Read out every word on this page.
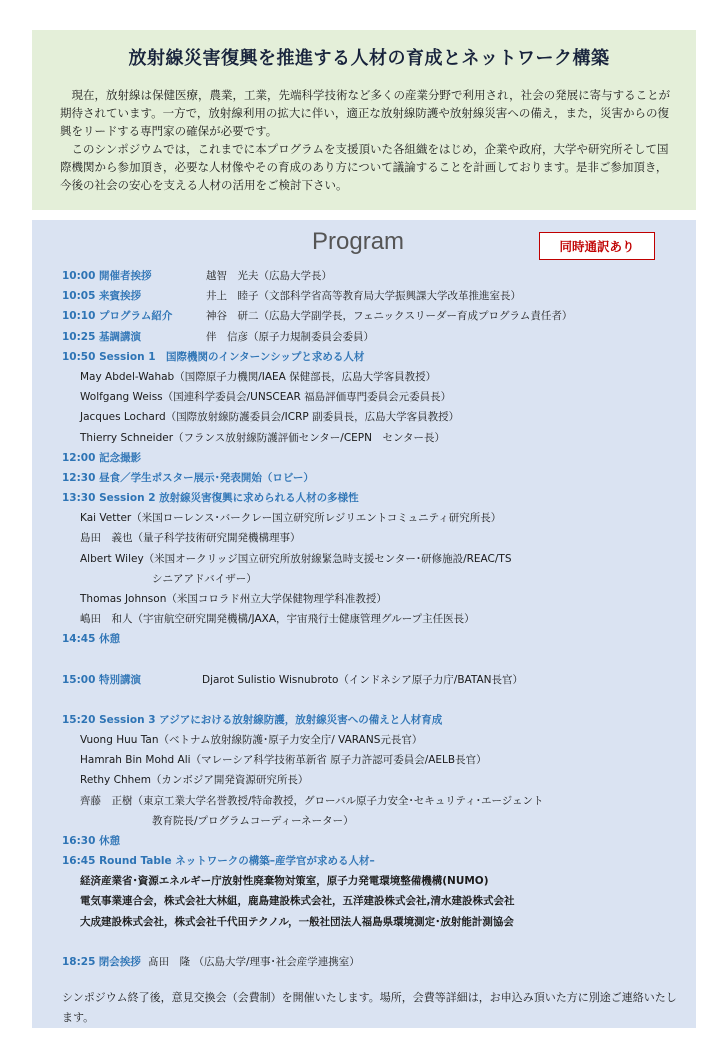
放射線災害復興を推進する人材の育成とネットワーク構築

現在，放射線は保健医療，農業，工業，先端科学技術など多くの産業分野で利用され，社会の発展に寄与することが期待されています。一方で，放射線利用の拡大に伴い，適正な放射線防護や放射線災害への備え，また，災害からの復興をリードする専門家の確保が必要です。

このシンポジウムでは，これまでに本プログラムを支援頂いた各組織をはじめ，企業や政府，大学や研究所そして国際機関から参加頂き，必要な人材像やその育成のあり方について議論することを計画しております。是非ご参加頂き，今後の社会の安心を支える人材の活用をご検討下さい。

Program	同時通訳あり
10:00 開催者挨拶	越智　光夫（広島大学長）
10:05 来賓挨拶	井上　睦子（文部科学省高等教育局大学振興課大学改革推進室長）
10:10 プログラム紹介	神谷　研二（広島大学副学長，フェニックスリーダー育成プログラム責任者）
10:25 基調講演	伴　信彦（原子力規制委員会委員）
10:50 Session 1　国際機関のインターンシップと求める人材
May Abdel-Wahab（国際原子力機関/IAEA 保健部長，広島大学客員教授）
Wolfgang Weiss（国連科学委員会/UNSCEAR 福島評価専門委員会元委員長）
Jacques Lochard（国際放射線防護委員会/ICRP 副委員長，広島大学客員教授）
Thierry Schneider（フランス放射線防護評価センター/CEPN　センター長）
12:00 記念撮影
12:30 昼食／学生ポスター展示･発表開始（ロビー）
13:30 Session 2 放射線災害復興に求められる人材の多様性
Kai Vetter（米国ローレンス･バークレー国立研究所レジリエントコミュニティ研究所長）
島田　義也（量子科学技術研究開発機構理事）
Albert Wiley（米国オークリッジ国立研究所放射線緊急時支援センター･研修施設/REAC/TS
シニアアドバイザー）
Thomas Johnson（米国コロラド州立大学保健物理学科准教授）
嶋田　和人（宇宙航空研究開発機構/JAXA，宇宙飛行士健康管理グループ主任医長）
14:45 休憩
15:00 特別講演	Djarot Sulistio Wisnubroto（インドネシア原子力庁/BATAN長官）
15:20 Session 3 アジアにおける放射線防護，放射線災害への備えと人材育成
Vuong Huu Tan（ベトナム放射線防護･原子力安全庁/ VARANS元長官）
Hamrah Bin Mohd Ali（マレーシア科学技術革新省 原子力許認可委員会/AELB長官）
Rethy Chhem（カンボジア開発資源研究所長）
齊藤　正樹（東京工業大学名誉教授/特命教授，グローバル原子力安全･セキュリティ･エージェント
教育院長/プログラムコーディーネーター）
16:30 休憩
16:45 Round Table ネットワークの構築–産学官が求める人材–
経済産業省･資源エネルギー庁放射性廃棄物対策室，原子力発電環境整備機構(NUMO)
電気事業連合会，株式会社大林組，鹿島建設株式会社，五洋建設株式会社,清水建設株式会社
大成建設株式会社，株式会社千代田テクノル，一般社団法人福島県環境測定･放射能計測協会
18:25 閉会挨拶 髙田　隆 （広島大学/理事･社会産学連携室）
シンポジウム終了後，意見交換会（会費制）を開催いたします。場所，会費等詳細は，お申込み頂いた方に別途ご連絡いたします。
